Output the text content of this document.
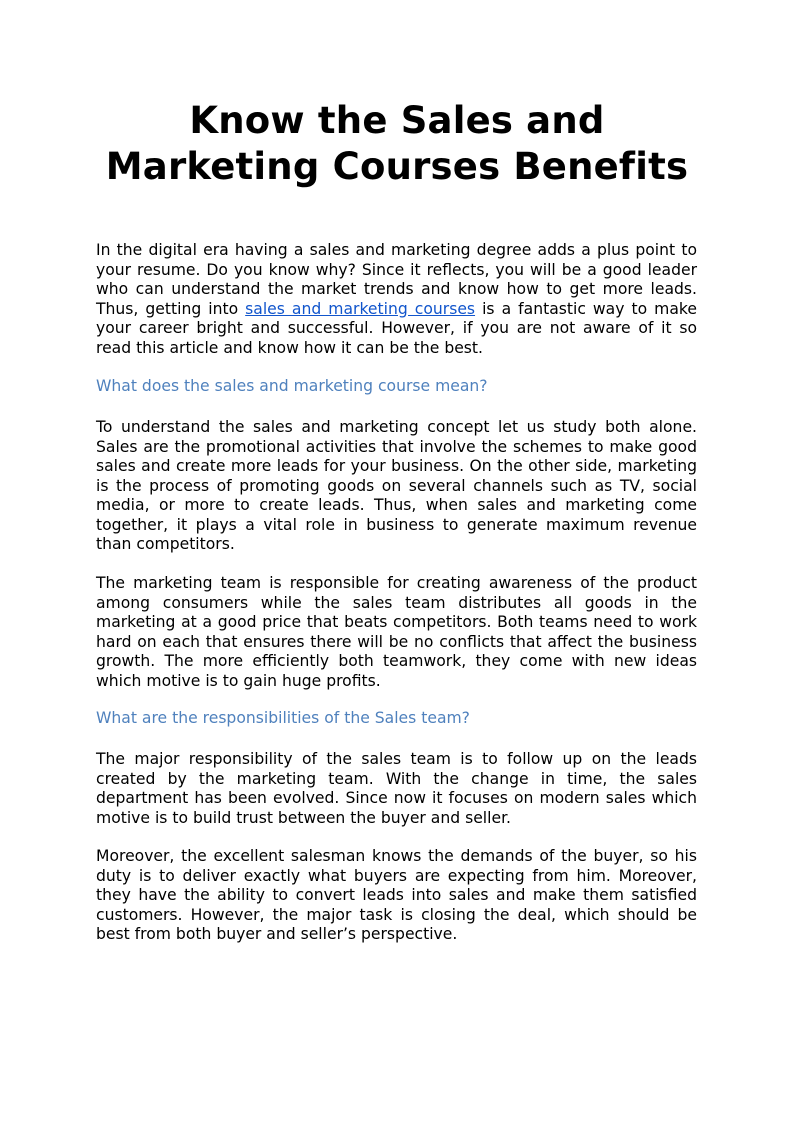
Know the Sales and
Marketing Courses Benefits

In the digital era having a sales and marketing degree adds a plus point to your resume. Do you know why? Since it reflects, you will be a good leader who can understand the market trends and know how to get more leads. Thus, getting into sales and marketing courses is a fantastic way to make your career bright and successful. However, if you are not aware of it so read this article and know how it can be the best.

What does the sales and marketing course mean?

To understand the sales and marketing concept let us study both alone. Sales are the promotional activities that involve the schemes to make good sales and create more leads for your business. On the other side, marketing is the process of promoting goods on several channels such as TV, social media, or more to create leads. Thus, when sales and marketing come together, it plays a vital role in business to generate maximum revenue than competitors.

The marketing team is responsible for creating awareness of the product among consumers while the sales team distributes all goods in the marketing at a good price that beats competitors. Both teams need to work hard on each that ensures there will be no conflicts that affect the business growth. The more efficiently both teamwork, they come with new ideas which motive is to gain huge profits.

What are the responsibilities of the Sales team?

The major responsibility of the sales team is to follow up on the leads created by the marketing team. With the change in time, the sales department has been evolved. Since now it focuses on modern sales which motive is to build trust between the buyer and seller.

Moreover, the excellent salesman knows the demands of the buyer, so his duty is to deliver exactly what buyers are expecting from him. Moreover, they have the ability to convert leads into sales and make them satisfied customers. However, the major task is closing the deal, which should be best from both buyer and seller’s perspective.
